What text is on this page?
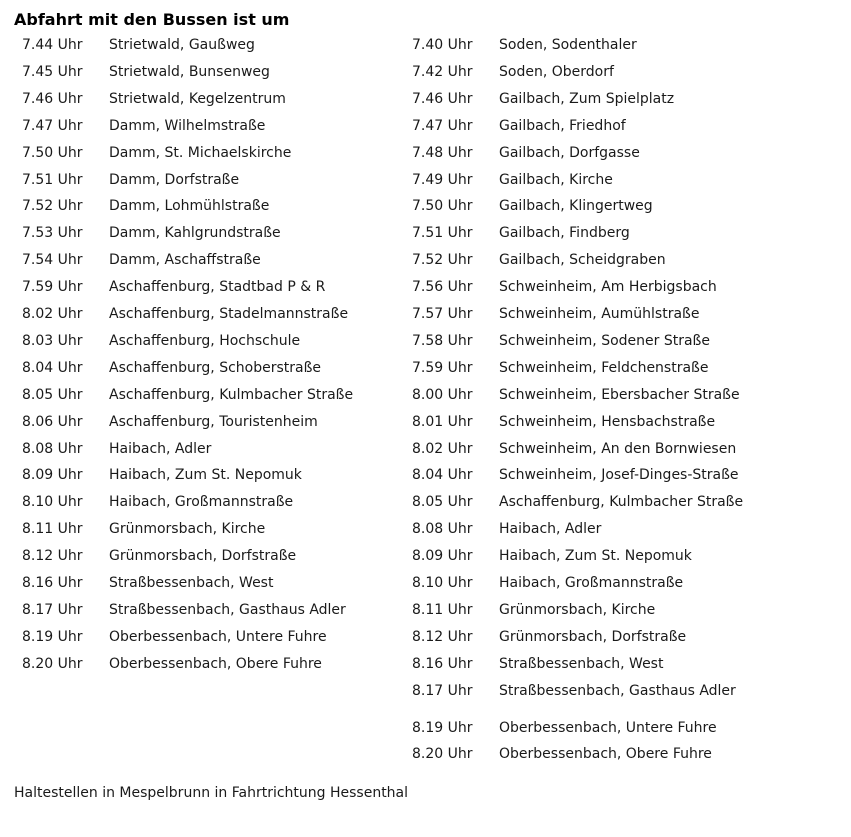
Abfahrt mit den Bussen ist um
7.44 Uhr	Strietwald, Gaußweg
7.45 Uhr	Strietwald, Bunsenweg
7.46 Uhr	Strietwald, Kegelzentrum
7.47 Uhr	Damm, Wilhelmstraße
7.50 Uhr	Damm, St. Michaelskirche
7.51 Uhr	Damm, Dorfstraße
7.52 Uhr	Damm, Lohmühlstraße
7.53 Uhr	Damm, Kahlgrundstraße
7.54 Uhr	Damm, Aschaffstraße
7.59 Uhr	Aschaffenburg, Stadtbad P & R
8.02 Uhr	Aschaffenburg, Stadelmannstraße
8.03 Uhr	Aschaffenburg, Hochschule
8.04 Uhr	Aschaffenburg, Schoberstraße
8.05 Uhr	Aschaffenburg, Kulmbacher Straße
8.06 Uhr	Aschaffenburg, Touristenheim
8.08 Uhr	Haibach, Adler
8.09 Uhr	Haibach, Zum St. Nepomuk
8.10 Uhr	Haibach, Großmannstraße
8.11 Uhr	Grünmorsbach, Kirche
8.12 Uhr	Grünmorsbach, Dorfstraße
8.16 Uhr	Straßbessenbach, West
8.17 Uhr	Straßbessenbach, Gasthaus Adler
8.19 Uhr	Oberbessenbach, Untere Fuhre
8.20 Uhr	Oberbessenbach, Obere Fuhre
7.40 Uhr	Soden, Sodenthaler
7.42 Uhr	Soden, Oberdorf
7.46 Uhr	Gailbach, Zum Spielplatz
7.47 Uhr	Gailbach, Friedhof
7.48 Uhr	Gailbach, Dorfgasse
7.49 Uhr	Gailbach, Kirche
7.50 Uhr	Gailbach, Klingertweg
7.51 Uhr	Gailbach, Findberg
7.52 Uhr	Gailbach, Scheidgraben
7.56 Uhr	Schweinheim, Am Herbigsbach
7.57 Uhr	Schweinheim, Aumühlstraße
7.58 Uhr	Schweinheim, Sodener Straße
7.59 Uhr	Schweinheim, Feldchenstraße
8.00 Uhr	Schweinheim, Ebersbacher Straße
8.01 Uhr	Schweinheim, Hensbachstraße
8.02 Uhr	Schweinheim, An den Bornwiesen
8.04 Uhr	Schweinheim, Josef-Dinges-Straße
8.05 Uhr	Aschaffenburg, Kulmbacher Straße
8.08 Uhr	Haibach, Adler
8.09 Uhr	Haibach, Zum St. Nepomuk
8.10 Uhr	Haibach, Großmannstraße
8.11 Uhr	Grünmorsbach, Kirche
8.12 Uhr	Grünmorsbach, Dorfstraße
8.16 Uhr	Straßbessenbach, West
8.17 Uhr	Straßbessenbach, Gasthaus Adler
8.19 Uhr	Oberbessenbach, Untere Fuhre
8.20 Uhr	Oberbessenbach, Obere Fuhre
Haltestellen in Mespelbrunn in Fahrtrichtung Hessenthal
